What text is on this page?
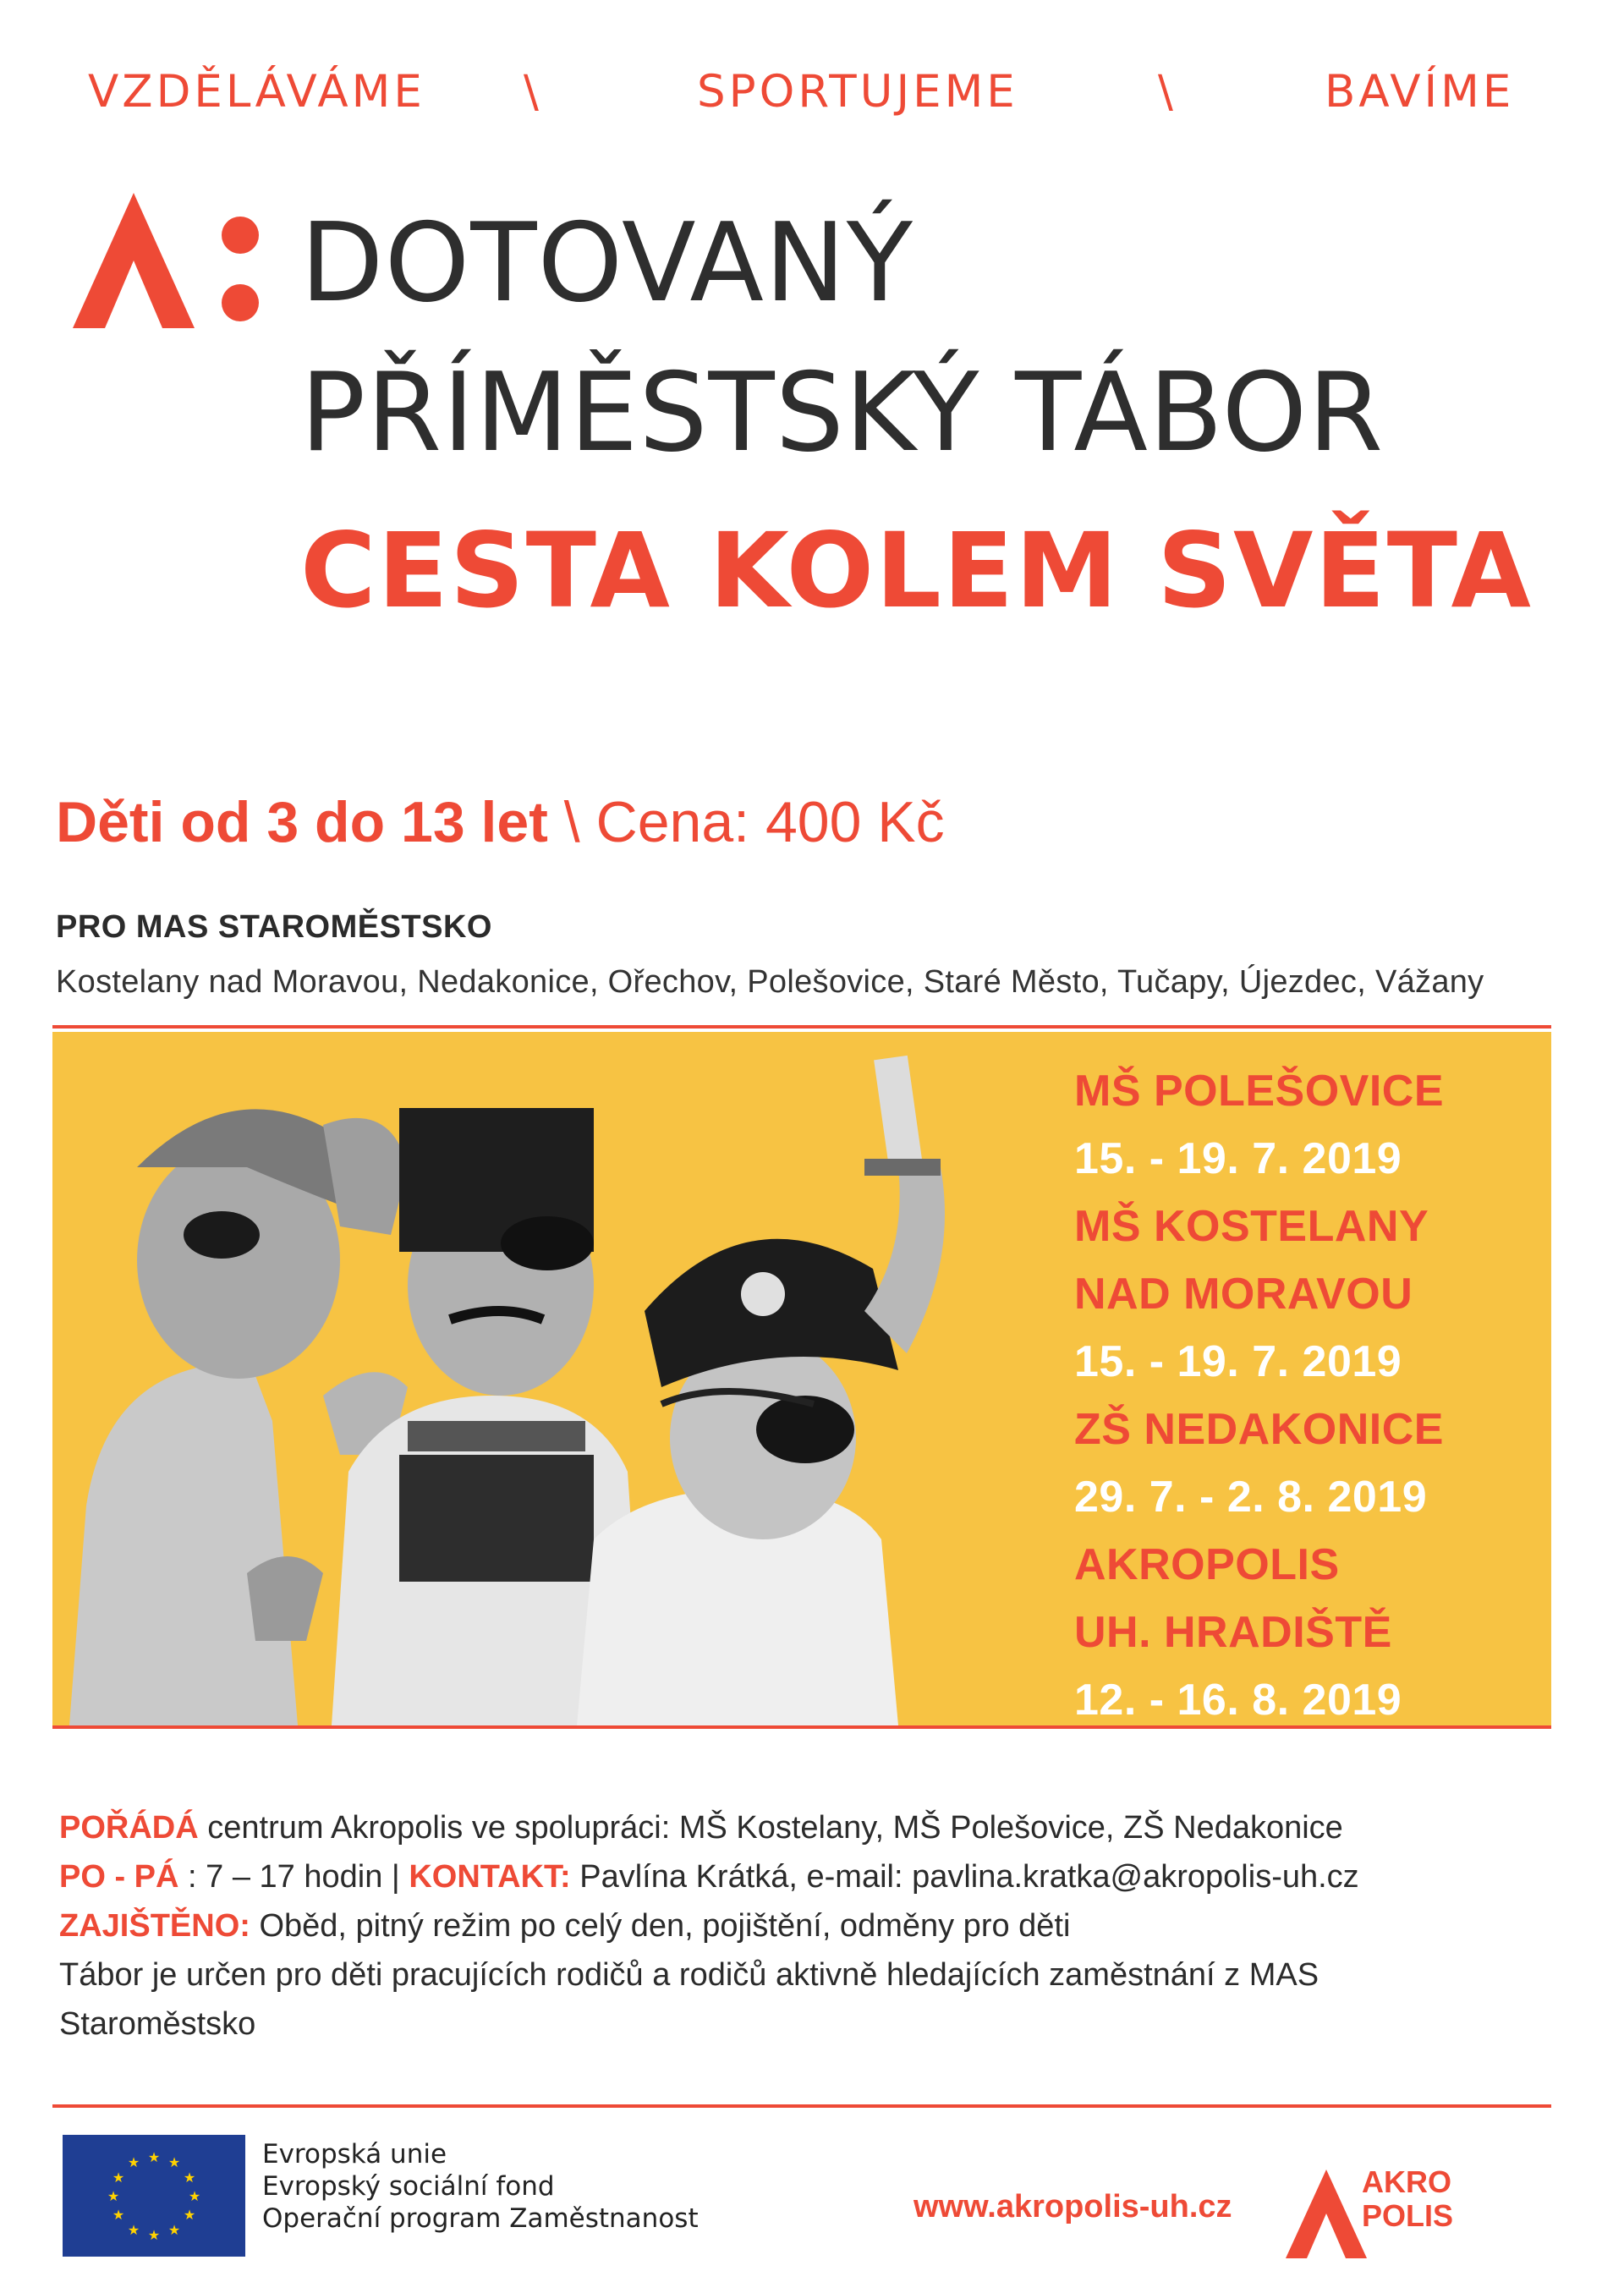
VZDĚLÁVÁME \	SPORTUJEME	\	BAVÍME
DOTOVANÝ
PŘÍMĚSTSKÝ TÁBOR
CESTA KOLEM SVĚTA
Děti od 3 do 13 let \ Cena: 400 Kč
PRO MAS STAROMĚSTSKO
Kostelany nad Moravou, Nedakonice, Ořechov, Polešovice, Staré Město, Tučapy, Újezdec, Vážany
MŠ POLEŠOVICE
15. - 19. 7. 2019
MŠ KOSTELANY
NAD MORAVOU
15. - 19. 7. 2019
ZŠ NEDAKONICE
29. 7. - 2. 8. 2019
AKROPOLIS
UH. HRADIŠTĚ
12. - 16. 8. 2019

POŘÁDÁ centrum Akropolis ve spolupráci: MŠ Kostelany, MŠ Polešovice, ZŠ Nedakonice

PO - PÁ : 7 – 17 hodin | KONTAKT: Pavlína Krátká, e-mail: pavlina.kratka@akropolis-uh.cz

ZAJIŠTĚNO: Oběd, pitný režim po celý den, pojištění, odměny pro děti

Tábor je určen pro děti pracujících rodičů a rodičů aktivně hledajících zaměstnání z MAS

Staroměstsko

★ ★
★
★
★
★
★
★
★
★
★
★	Evropská unie
Evropský sociální fond
Operační program Zaměstnanost	www.akropolis-uh.cz
AKRO
POLIS
